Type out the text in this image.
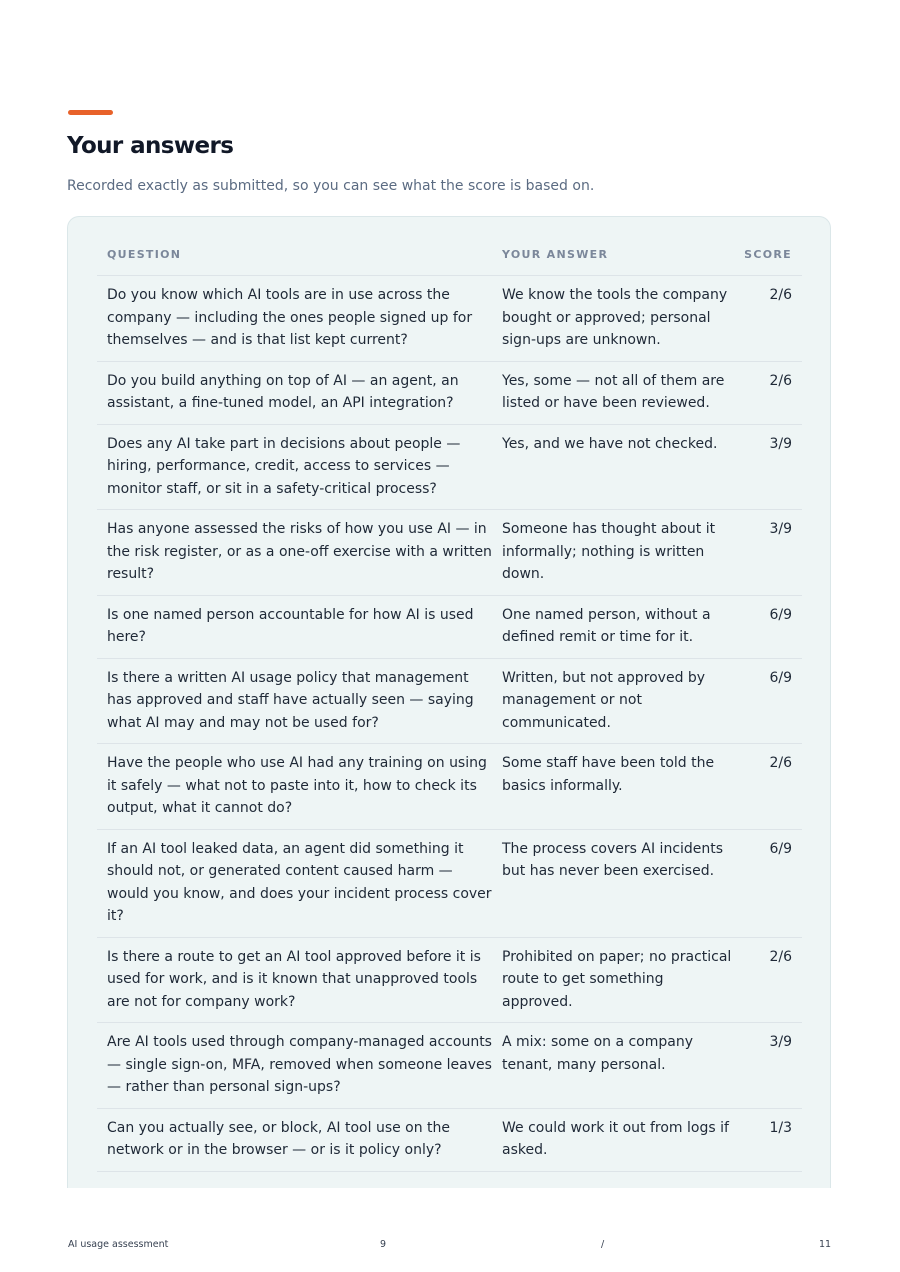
Your answers
Recorded exactly as submitted, so you can see what the score is based on.
QUESTION	YOUR ANSWER	SCORE
Do you know which AI tools are in use across the company — including the ones people signed up for themselves — and is that list kept current?
We know the tools the company bought or approved; personal sign-ups are unknown.
2/6
Do you build anything on top of AI — an agent, an assistant, a fine-tuned model, an API integration?
Yes, some — not all of them are listed or have been reviewed.
2/6
Does any AI take part in decisions about people — hiring, performance, credit, access to services — monitor staff, or sit in a safety-critical process?
Yes, and we have not checked.	3/9
Has anyone assessed the risks of how you use AI — in the risk register, or as a one-off exercise with a written result?
Someone has thought about it informally; nothing is written down.
3/9
Is one named person accountable for how AI is used here?
One named person, without a defined remit or time for it.
6/9
Is there a written AI usage policy that management has approved and staff have actually seen — saying what AI may and may not be used for?
Written, but not approved by management or not communicated.
6/9
Have the people who use AI had any training on using it safely — what not to paste into it, how to check its output, what it cannot do?
Some staff have been told the basics informally.
2/6
If an AI tool leaked data, an agent did something it should not, or generated content caused harm — would you know, and does your incident process cover it?
The process covers AI incidents but has never been exercised.
6/9
Is there a route to get an AI tool approved before it is used for work, and is it known that unapproved tools are not for company work?
Prohibited on paper; no practical route to get something approved.
2/6
Are AI tools used through company-managed accounts — single sign-on, MFA, removed when someone leaves — rather than personal sign-ups?
A mix: some on a company tenant, many personal.
3/9
Can you actually see, or block, AI tool use on the network or in the browser — or is it policy only?
We could work it out from logs if asked.
1/3
AI usage assessment	9	/	11
